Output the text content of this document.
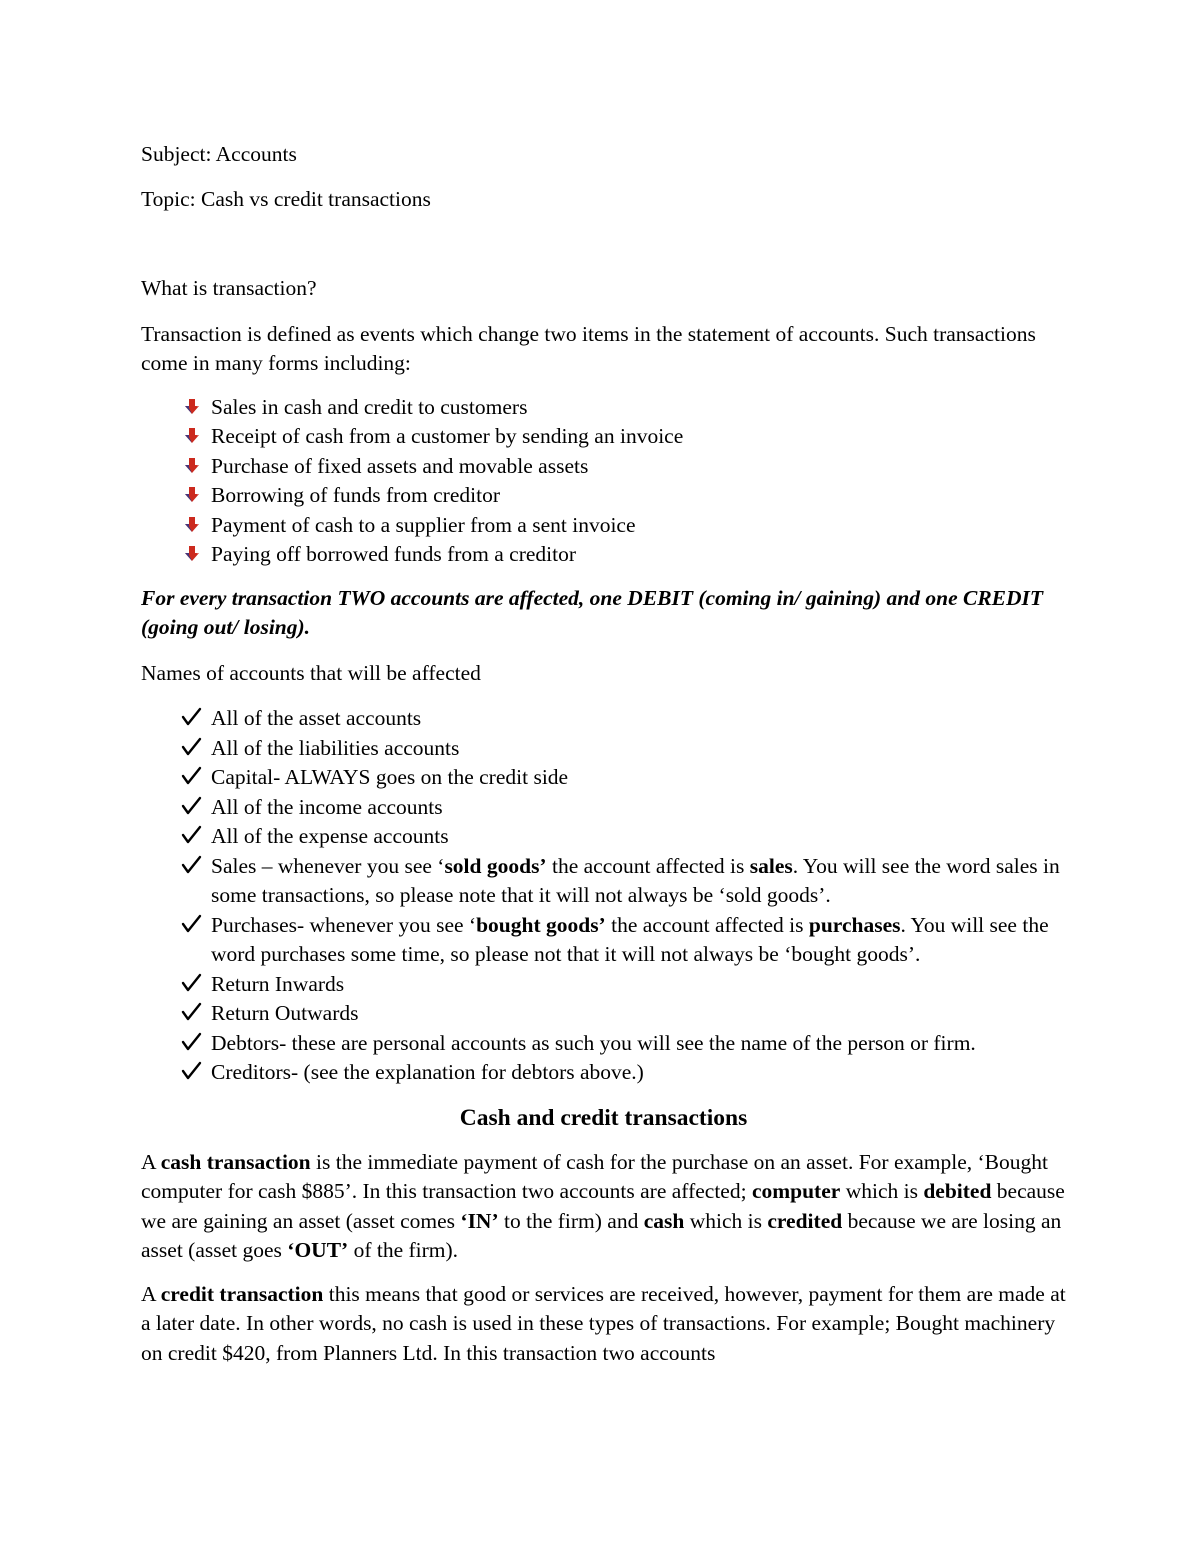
Subject: Accounts

Topic: Cash vs credit transactions

What is transaction?

Transaction is defined as events which change two items in the statement of accounts. Such transactions come in many forms including:

Sales in cash and credit to customers
Receipt of cash from a customer by sending an invoice
Purchase of fixed assets and movable assets
Borrowing of funds from creditor
Payment of cash to a supplier from a sent invoice
Paying off borrowed funds from a creditor

For every transaction TWO accounts are affected, one DEBIT (coming in/ gaining) and one CREDIT (going out/ losing).

Names of accounts that will be affected

All of the asset accounts
All of the liabilities accounts
Capital- ALWAYS goes on the credit side
All of the income accounts
All of the expense accounts
Sales – whenever you see ‘sold goods’ the account affected is sales. You will see the word sales in some transactions, so please note that it will not always be ‘sold goods’.
Purchases- whenever you see ‘bought goods’ the account affected is purchases. You will see the word purchases some time, so please not that it will not always be ‘bought goods’.
Return Inwards
Return Outwards
Debtors- these are personal accounts as such you will see the name of the person or firm.
Creditors- (see the explanation for debtors above.)
Cash and credit transactions

A cash transaction is the immediate payment of cash for the purchase on an asset. For example, ‘Bought computer for cash $885’. In this transaction two accounts are affected; computer which is debited because we are gaining an asset (asset comes ‘IN’ to the firm) and cash which is credited because we are losing an asset (asset goes ‘OUT’ of the firm).

A credit transaction this means that good or services are received, however, payment for them are made at a later date. In other words, no cash is used in these types of transactions. For example; Bought machinery on credit $420, from Planners Ltd. In this transaction two accounts
